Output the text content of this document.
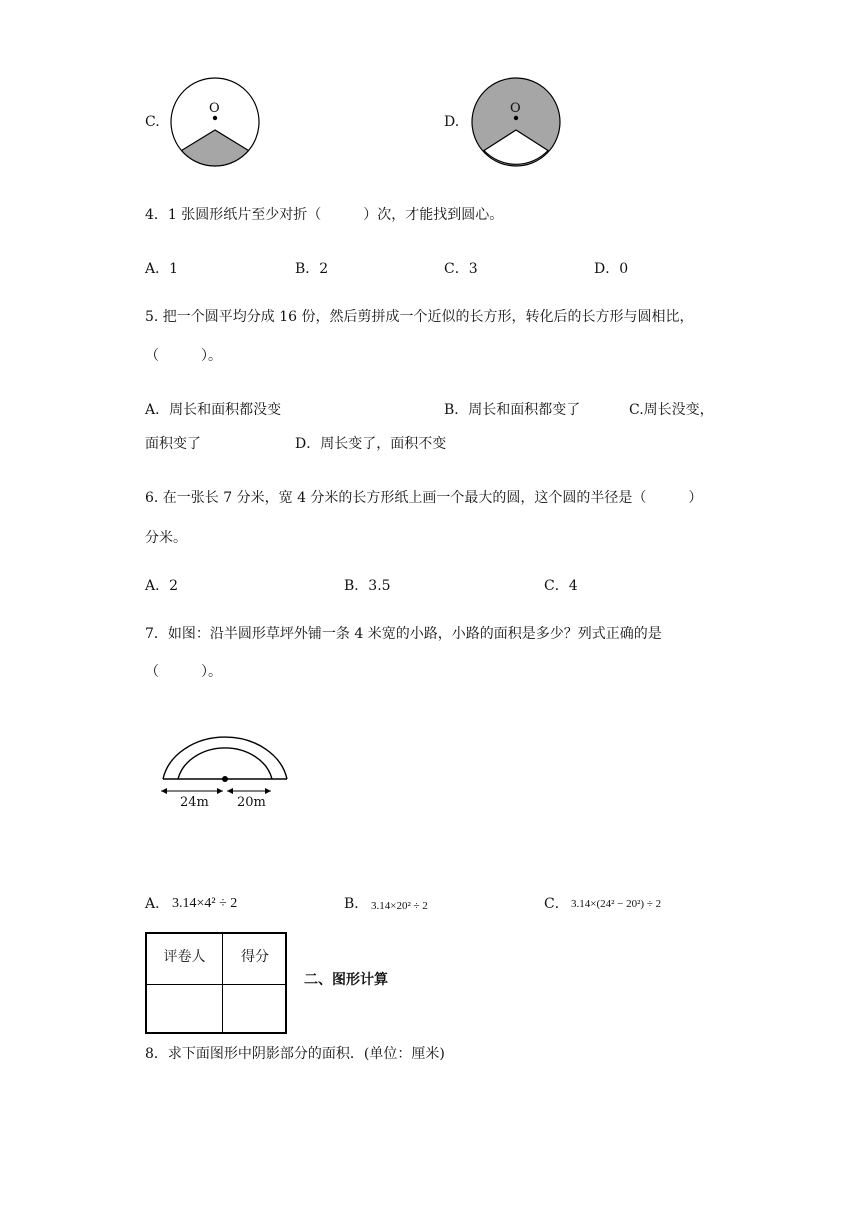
C.
O
D.
O
4．1 张圆形纸片至少对折（　　　）次，才能找到圆心。
A．1	B．2	C．3	D．0
5. 把一个圆平均分成 16 份，然后剪拼成一个近似的长方形，转化后的长方形与圆相比，
（　　　）。
A．周长和面积都没变	B．周长和面积都变了	C.周长没变，
面积变了	D．周长变了，面积不变
6. 在一张长 7 分米，宽 4 分米的长方形纸上画一个最大的圆，这个圆的半径是（　　　）
分米。
A．2	B．3.5	C．4
7．如图：沿半圆形草坪外铺一条 4 米宽的小路，小路的面积是多少？列式正确的是
（　　　）。
24m 20m
A． 3.14×4² ÷ 2	B． 3.14×20² ÷ 2	C． 3.14×(24² − 20²) ÷ 2
评卷人	得分
二、图形计算
8．求下面图形中阴影部分的面积．(单位：厘米)
